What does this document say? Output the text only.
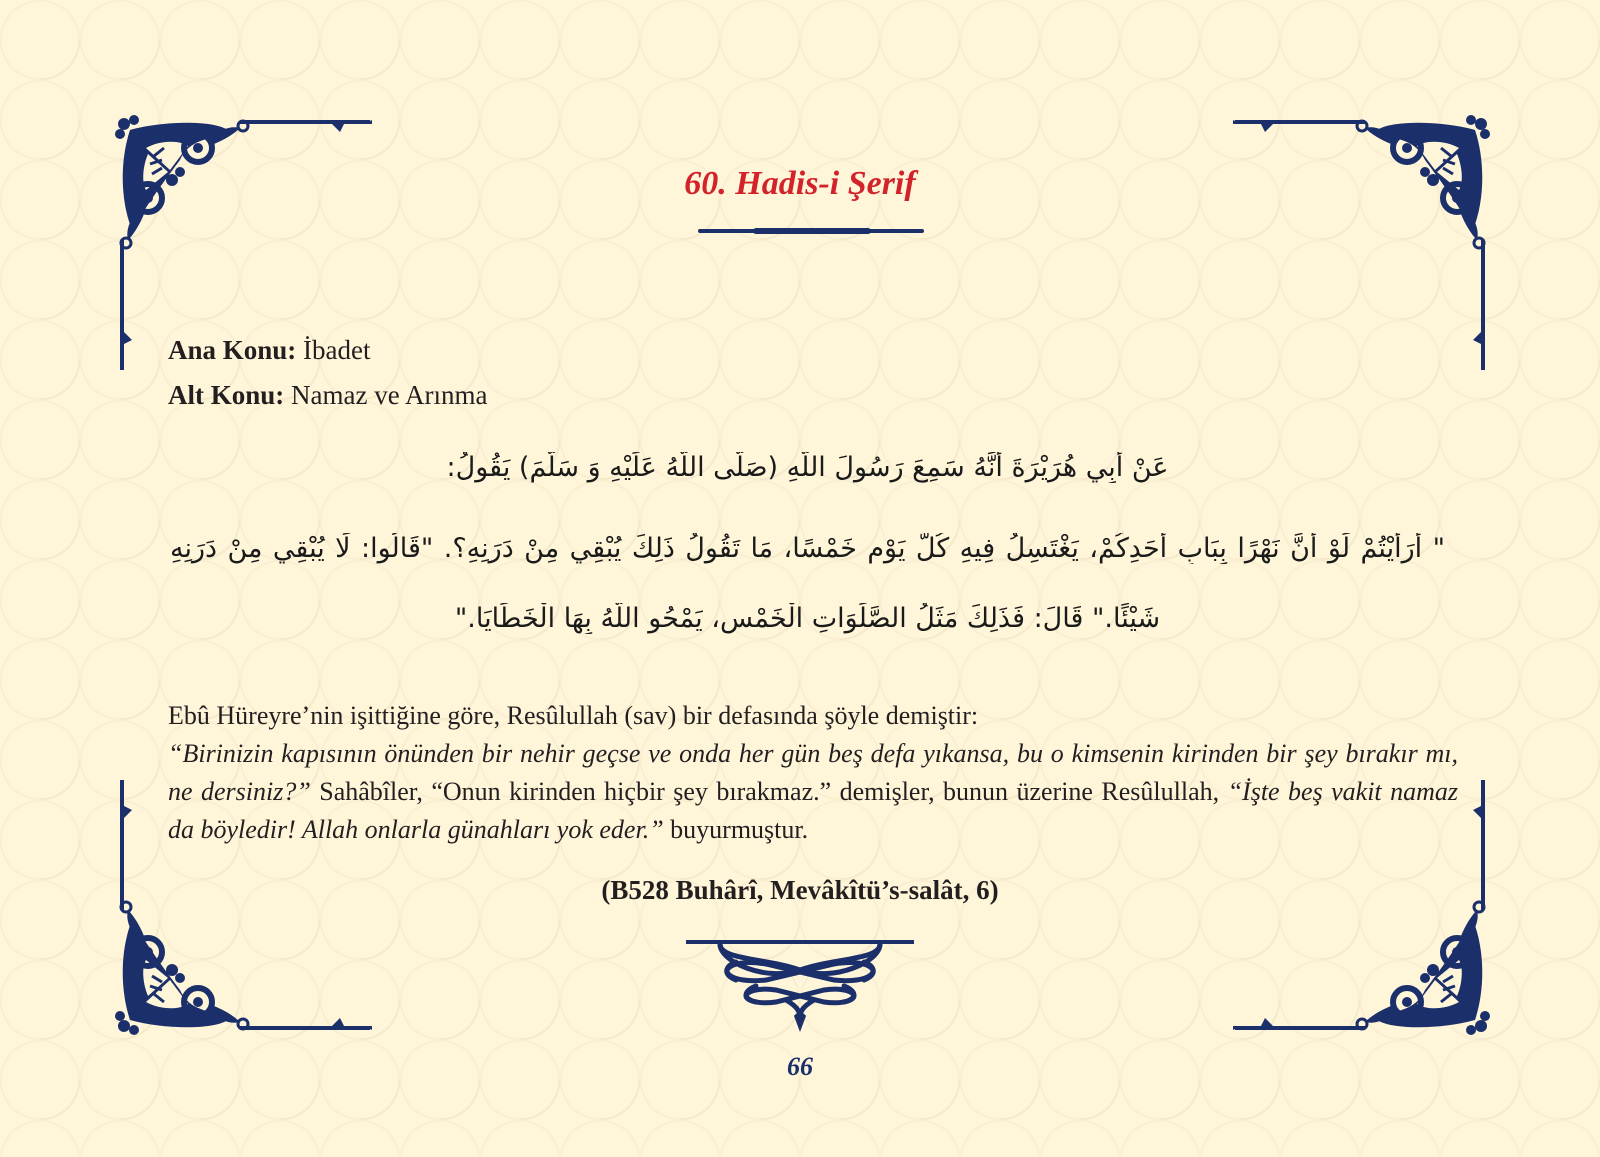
60. Hadis-i Şerif
Ana Konu: İbadet
Alt Konu: Namaz ve Arınma
عَنْ أَبِي هُرَيْرَةَ أَنَّهُ سَمِعَ رَسُولَ اللَّهِ (صَلَّى اللَّهُ عَلَيْهِ وَ سَلَّمَ) يَقُولُ:
" أَرَأَيْتُمْ لَوْ أَنَّ نَهْرًا بِبَابِ أَحَدِكُمْ، يَغْتَسِلُ فِيهِ كُلَّ يَوْمٍ خَمْسًا، مَا تَقُولُ ذَلِكَ يُبْقِي مِنْ دَرَنِهِ؟. "قَالُوا: لَا يُبْقِي مِنْ دَرَنِهِ
شَيْئًا." قَالَ: فَذَلِكَ مَثَلُ الصَّلَوَاتِ الْخَمْسِ، يَمْحُو اللَّهُ بِهَا الْخَطَايَا."
Ebû Hüreyre’nin işittiğine göre, Resûlullah (sav) bir defasında şöyle demiştir:
“Birinizin kapısının önünden bir nehir geçse ve onda her gün beş defa yıkansa, bu o kimsenin kirinden bir şey bırakır mı, ne dersiniz?” Sahâbîler, “Onun kirinden hiçbir şey bırakmaz.” demişler, bunun üzerine Resûlullah, “İşte beş vakit namaz da böyledir! Allah onlarla günahları yok eder.” buyurmuştur.
(B528 Buhârî, Mevâkîtü’s-salât, 6)
66
